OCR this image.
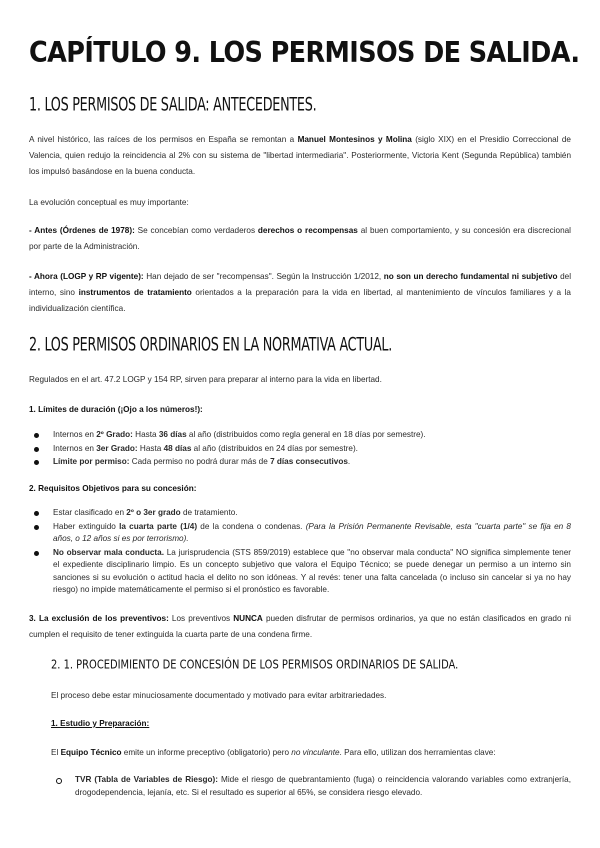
CAPÍTULO 9. LOS PERMISOS DE SALIDA.
1. LOS PERMISOS DE SALIDA: ANTECEDENTES.

A nivel histórico, las raíces de los permisos en España se remontan a Manuel Montesinos y Molina (siglo XIX) en el Presidio Correccional de Valencia, quien redujo la reincidencia al 2% con su sistema de "libertad intermediaria". Posteriormente, Victoria Kent (Segunda República) también los impulsó basándose en la buena conducta.

La evolución conceptual es muy importante:

- Antes (Órdenes de 1978): Se concebían como verdaderos derechos o recompensas al buen comportamiento, y su concesión era discrecional por parte de la Administración.

- Ahora (LOGP y RP vigente): Han dejado de ser "recompensas". Según la Instrucción 1/2012, no son un derecho fundamental ni subjetivo del interno, sino instrumentos de tratamiento orientados a la preparación para la vida en libertad, al mantenimiento de vínculos familiares y a la individualización científica.

2. LOS PERMISOS ORDINARIOS EN LA NORMATIVA ACTUAL.

Regulados en el art. 47.2 LOGP y 154 RP, sirven para preparar al interno para la vida en libertad.

1. Límites de duración (¡Ojo a los números!):

Internos en 2º Grado: Hasta 36 días al año (distribuidos como regla general en 18 días por semestre).
Internos en 3er Grado: Hasta 48 días al año (distribuidos en 24 días por semestre).
Límite por permiso: Cada permiso no podrá durar más de 7 días consecutivos.

2. Requisitos Objetivos para su concesión:

Estar clasificado en 2º o 3er grado de tratamiento.
Haber extinguido la cuarta parte (1/4) de la condena o condenas. (Para la Prisión Permanente Revisable, esta "cuarta parte" se fija en 8 años, o 12 años si es por terrorismo).
No observar mala conducta. La jurisprudencia (STS 859/2019) establece que "no observar mala conducta" NO significa simplemente tener el expediente disciplinario limpio. Es un concepto subjetivo que valora el Equipo Técnico; se puede denegar un permiso a un interno sin sanciones si su evolución o actitud hacia el delito no son idóneas. Y al revés: tener una falta cancelada (o incluso sin cancelar si ya no hay riesgo) no impide matemáticamente el permiso si el pronóstico es favorable.

3. La exclusión de los preventivos: Los preventivos NUNCA pueden disfrutar de permisos ordinarios, ya que no están clasificados en grado ni cumplen el requisito de tener extinguida la cuarta parte de una condena firme.

2. 1. PROCEDIMIENTO DE CONCESIÓN DE LOS PERMISOS ORDINARIOS DE SALIDA.

El proceso debe estar minuciosamente documentado y motivado para evitar arbitrariedades.

1. Estudio y Preparación:

El Equipo Técnico emite un informe preceptivo (obligatorio) pero no vinculante. Para ello, utilizan dos herramientas clave:

TVR (Tabla de Variables de Riesgo): Mide el riesgo de quebrantamiento (fuga) o reincidencia valorando variables como extranjería, drogodependencia, lejanía, etc. Si el resultado es superior al 65%, se considera riesgo elevado.
